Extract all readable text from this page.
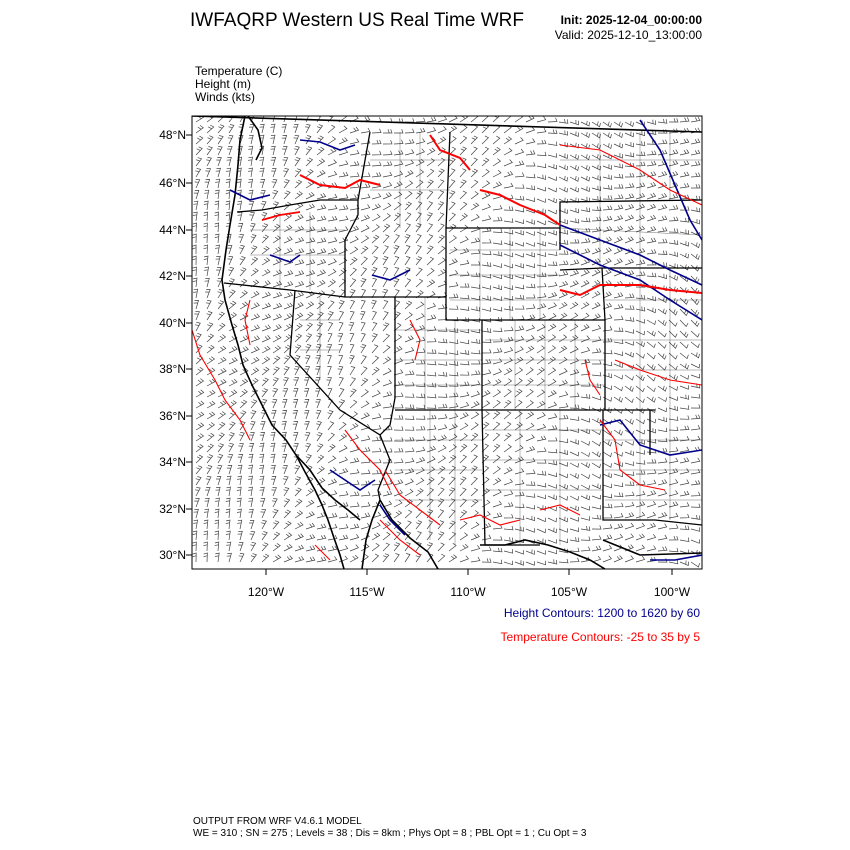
IWFAQRP Western US Real Time WRF	Init: 2025-12-04_00:00:00
Valid: 2025-12-10_13:00:00
Temperature (C)
Height (m)
Winds (kts)
48°N
46°N
44°N
42°N
40°N
38°N
36°N
34°N
32°N
30°N
120°W	115°W	110°W	105°W	100°W
Height Contours: 1200 to 1620 by 60
Temperature Contours: -25 to 35 by 5
OUTPUT FROM WRF V4.6.1 MODEL
WE = 310 ; SN = 275 ; Levels = 38 ; Dis = 8km ; Phys Opt = 8 ; PBL Opt = 1 ; Cu Opt = 3
